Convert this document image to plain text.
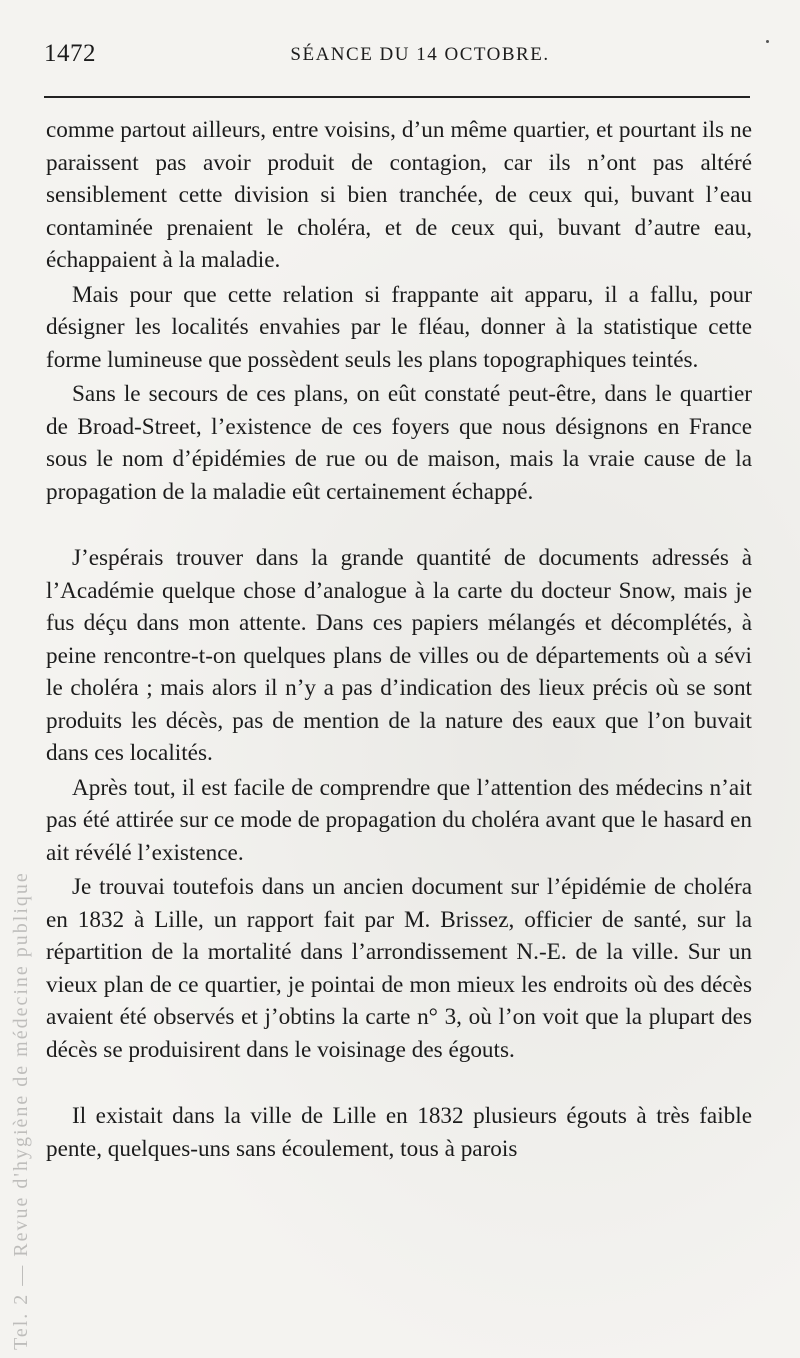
Tel. 2 — Revue d'hygiène de médecine publique
1472	SÉANCE DU 14 OCTOBRE.

comme partout ailleurs, entre voisins, d’un même quartier, et pourtant ils ne paraissent pas avoir produit de contagion, car ils n’ont pas altéré sensiblement cette division si bien tranchée, de ceux qui, buvant l’eau contaminée prenaient le choléra, et de ceux qui, buvant d’autre eau, échappaient à la maladie.

Mais pour que cette relation si frappante ait apparu, il a fallu, pour désigner les localités envahies par le fléau, donner à la statistique cette forme lumineuse que possèdent seuls les plans topographiques teintés.

Sans le secours de ces plans, on eût constaté peut-être, dans le quartier de Broad-Street, l’existence de ces foyers que nous désignons en France sous le nom d’épidémies de rue ou de maison, mais la vraie cause de la propagation de la maladie eût certainement échappé.

J’espérais trouver dans la grande quantité de documents adressés à l’Académie quelque chose d’analogue à la carte du docteur Snow, mais je fus déçu dans mon attente. Dans ces papiers mélangés et décomplétés, à peine rencontre-t-on quelques plans de villes ou de départements où a sévi le choléra ; mais alors il n’y a pas d’indication des lieux précis où se sont produits les décès, pas de mention de la nature des eaux que l’on buvait dans ces localités.

Après tout, il est facile de comprendre que l’attention des médecins n’ait pas été attirée sur ce mode de propagation du choléra avant que le hasard en ait révélé l’existence.

Je trouvai toutefois dans un ancien document sur l’épidémie de choléra en 1832 à Lille, un rapport fait par M. Brissez, officier de santé, sur la répartition de la mortalité dans l’arrondissement N.-E. de la ville. Sur un vieux plan de ce quartier, je pointai de mon mieux les endroits où des décès avaient été observés et j’obtins la carte n° 3, où l’on voit que la plupart des décès se produisirent dans le voisinage des égouts.

Il existait dans la ville de Lille en 1832 plusieurs égouts à très faible pente, quelques-uns sans écoulement, tous à parois
